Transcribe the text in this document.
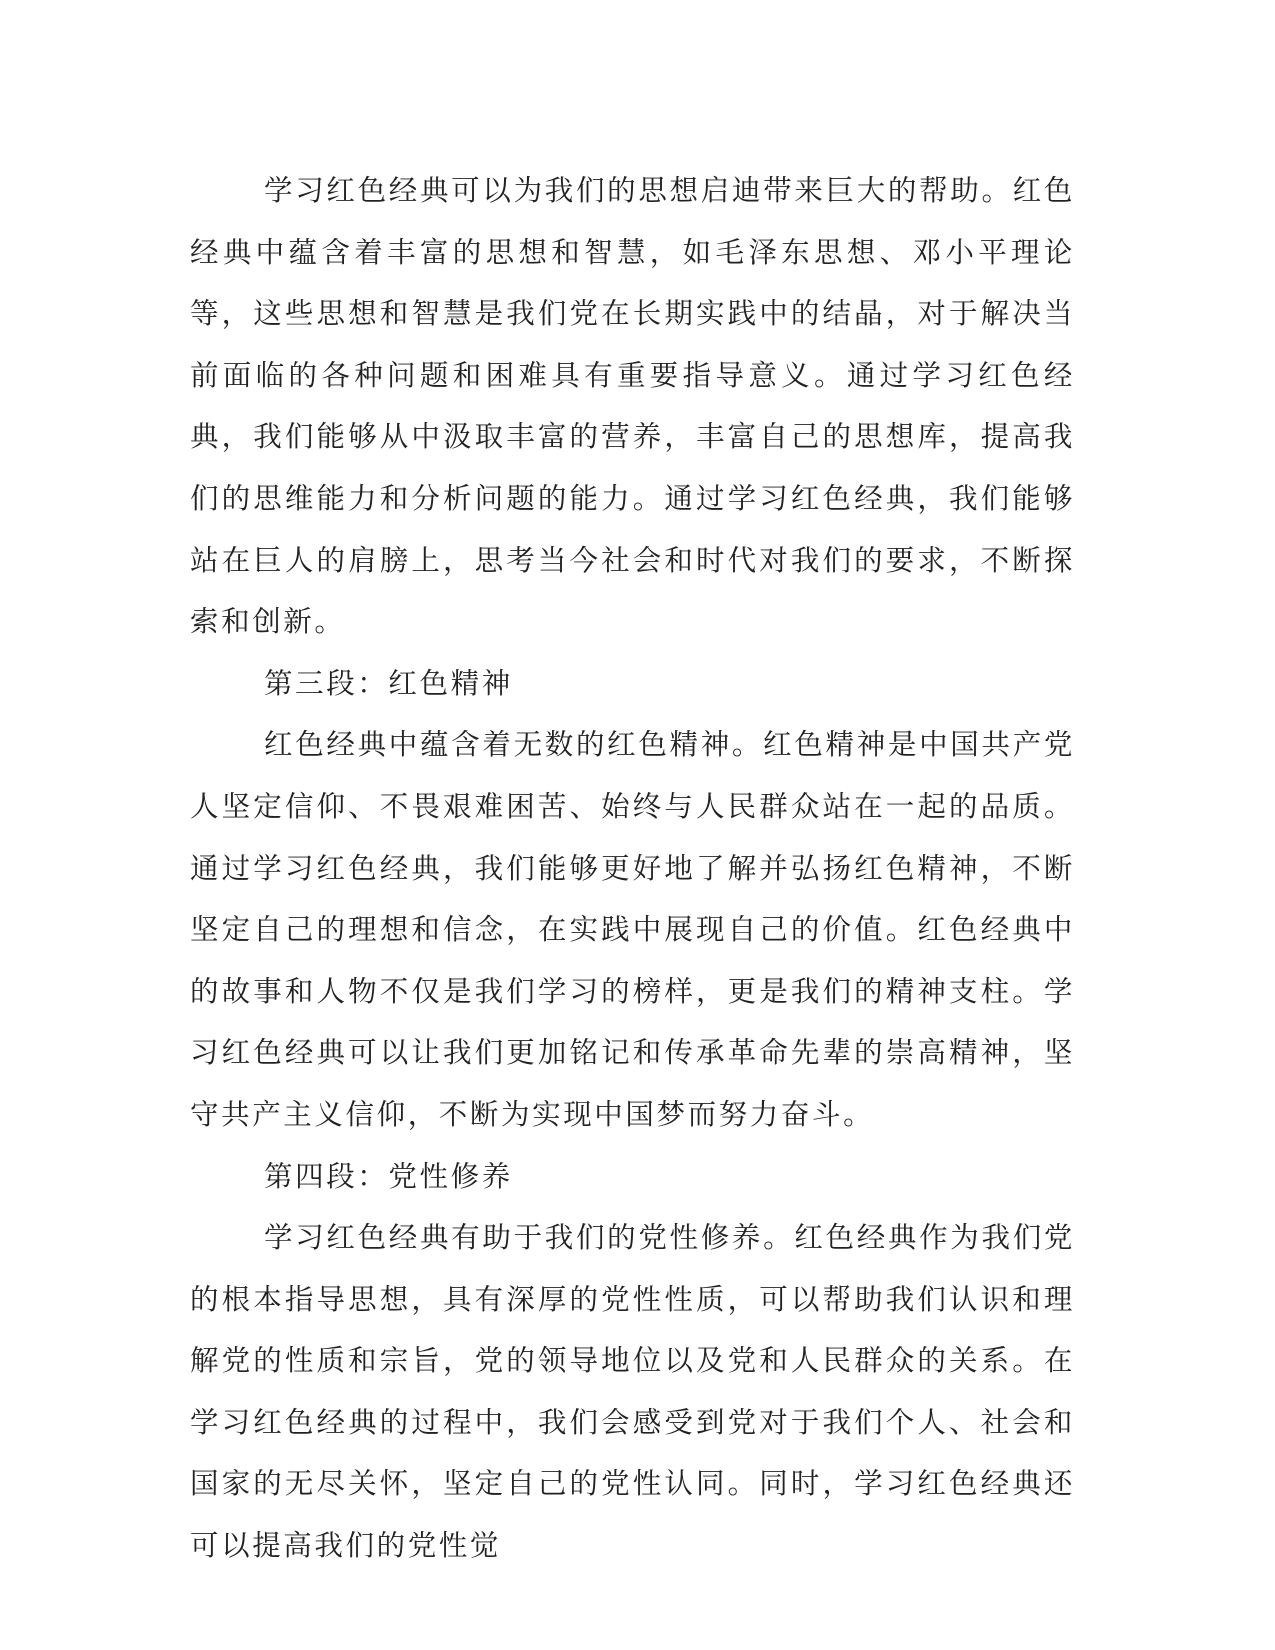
学习红色经典可以为我们的思想启迪带来巨大的帮助。红色经典中蕴含着丰富的思想和智慧，如毛泽东思想、邓小平理论等，这些思想和智慧是我们党在长期实践中的结晶，对于解决当前面临的各种问题和困难具有重要指导意义。通过学习红色经典，我们能够从中汲取丰富的营养，丰富自己的思想库，提高我们的思维能力和分析问题的能力。通过学习红色经典，我们能够站在巨人的肩膀上，思考当今社会和时代对我们的要求，不断探索和创新。

第三段：红色精神

红色经典中蕴含着无数的红色精神。红色精神是中国共产党人坚定信仰、不畏艰难困苦、始终与人民群众站在一起的品质。通过学习红色经典，我们能够更好地了解并弘扬红色精神，不断坚定自己的理想和信念，在实践中展现自己的价值。红色经典中的故事和人物不仅是我们学习的榜样，更是我们的精神支柱。学习红色经典可以让我们更加铭记和传承革命先辈的崇高精神，坚守共产主义信仰，不断为实现中国梦而努力奋斗。

第四段：党性修养

学习红色经典有助于我们的党性修养。红色经典作为我们党的根本指导思想，具有深厚的党性性质，可以帮助我们认识和理解党的性质和宗旨，党的领导地位以及党和人民群众的关系。在学习红色经典的过程中，我们会感受到党对于我们个人、社会和国家的无尽关怀，坚定自己的党性认同。同时，学习红色经典还可以提高我们的党性觉
